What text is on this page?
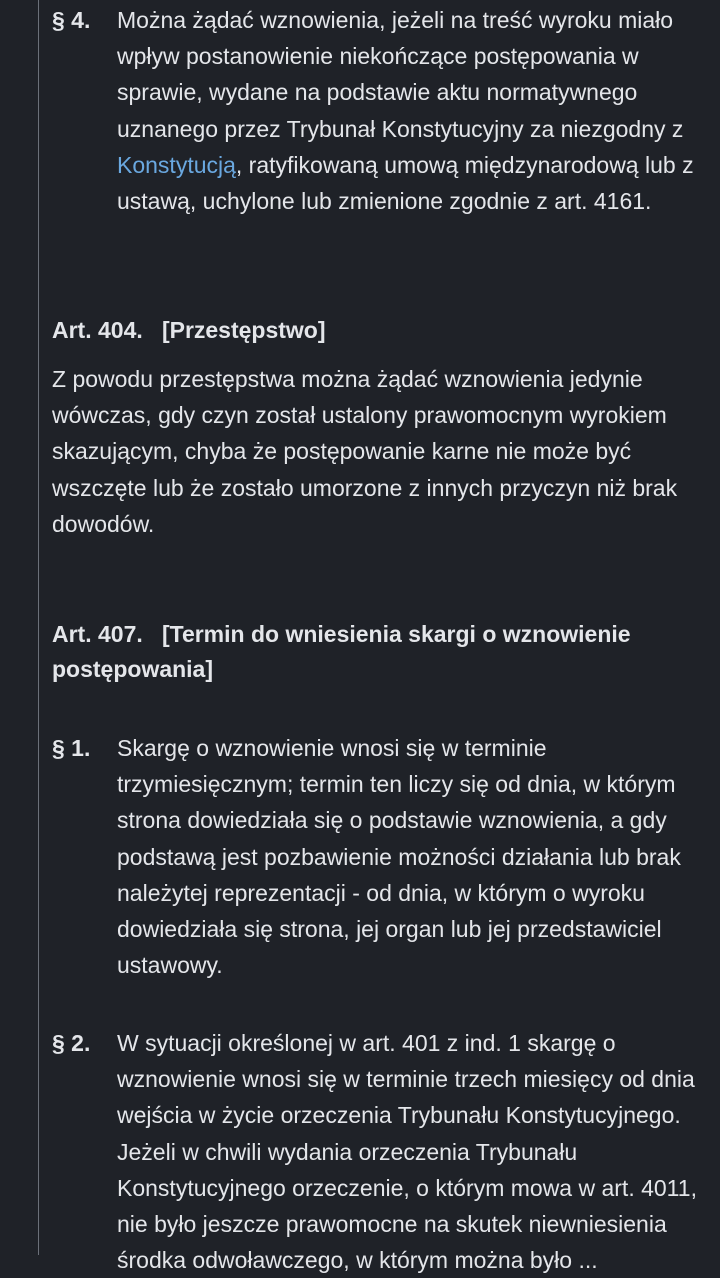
§ 4.	Można żądać wznowienia, jeżeli na treść wyroku miało wpływ postanowienie niekończące postępowania w sprawie, wydane na podstawie aktu normatywnego uznanego przez Trybunał Konstytucyjny za niezgodny z Konstytucją, ratyfikowaną umową międzynarodową lub z ustawą, uchylone lub zmienione zgodnie z art. 4161.
Art. 404. [Przestępstwo]
Z powodu przestępstwa można żądać wznowienia jedynie wówczas, gdy czyn został ustalony prawomocnym wyrokiem skazującym, chyba że postępowanie karne nie może być wszczęte lub że zostało umorzone z innych przyczyn niż brak dowodów.
Art. 407. [Termin do wniesienia skargi o wznowienie postępowania]
§ 1.	Skargę o wznowienie wnosi się w terminie trzymiesięcznym; termin ten liczy się od dnia, w którym strona dowiedziała się o podstawie wznowienia, a gdy podstawą jest pozbawienie możności działania lub brak należytej reprezentacji - od dnia, w którym o wyroku dowiedziała się strona, jej organ lub jej przedstawiciel ustawowy.
§ 2.	W sytuacji określonej w art. 401 z ind. 1 skargę o wznowienie wnosi się w terminie trzech miesięcy od dnia wejścia w życie orzeczenia Trybunału Konstytucyjnego. Jeżeli w chwili wydania orzeczenia Trybunału Konstytucyjnego orzeczenie, o którym mowa w art. 4011, nie było jeszcze prawomocne na skutek niewniesienia środka odwoławczego, w którym można było ...
